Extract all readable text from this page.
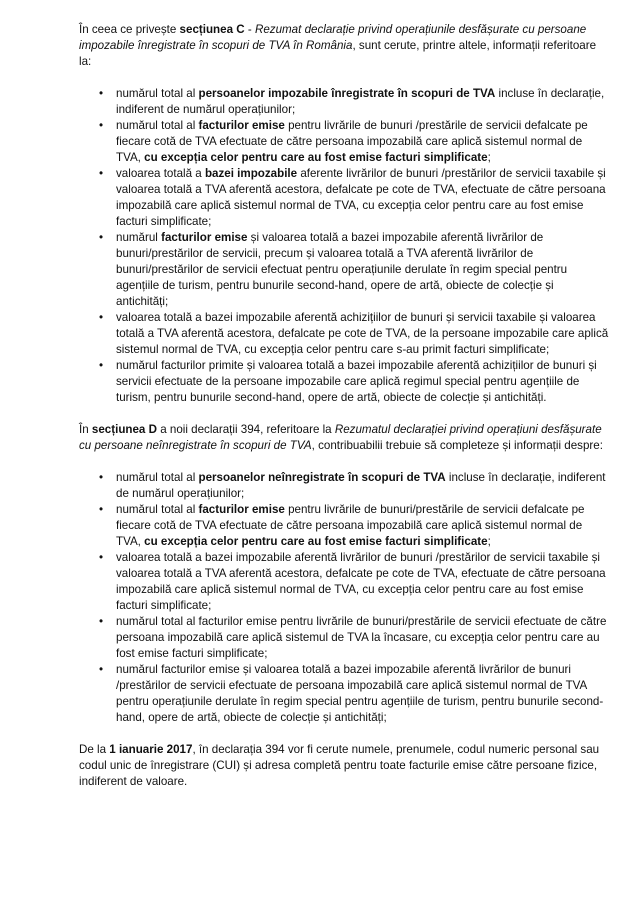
În ceea ce privește secțiunea C - Rezumat declarație privind operațiunile desfășurate cu persoane impozabile înregistrate în scopuri de TVA în România, sunt cerute, printre altele, informații referitoare la:

•	numărul total al persoanelor impozabile înregistrate în scopuri de TVA incluse în declarație, indiferent de numărul operațiunilor;
•	numărul total al facturilor emise pentru livrările de bunuri /prestările de servicii defalcate pe fiecare cotă de TVA efectuate de către persoana impozabilă care aplică sistemul normal de TVA, cu excepția celor pentru care au fost emise facturi simplificate;
•	valoarea totală a bazei impozabile aferente livrărilor de bunuri /prestărilor de servicii taxabile și valoarea totală a TVA aferentă acestora, defalcate pe cote de TVA, efectuate de către persoana impozabilă care aplică sistemul normal de TVA, cu excepția celor pentru care au fost emise facturi simplificate;
•	numărul facturilor emise și valoarea totală a bazei impozabile aferentă livrărilor de bunuri/prestărilor de servicii, precum și valoarea totală a TVA aferentă livrărilor de bunuri/prestărilor de servicii efectuat pentru operațiunile derulate în regim special pentru agențiile de turism, pentru bunurile second-hand, opere de artă, obiecte de colecție și antichități;
•	valoarea totală a bazei impozabile aferentă achizițiilor de bunuri și servicii taxabile și valoarea totală a TVA aferentă acestora, defalcate pe cote de TVA, de la persoane impozabile care aplică sistemul normal de TVA, cu excepția celor pentru care s-au primit facturi simplificate;
•	numărul facturilor primite și valoarea totală a bazei impozabile aferentă achizițiilor de bunuri și servicii efectuate de la persoane impozabile care aplică regimul special pentru agențiile de turism, pentru bunurile second-hand, opere de artă, obiecte de colecție și antichități.

În secțiunea D a noii declarații 394, referitoare la Rezumatul declarației privind operațiuni desfășurate cu persoane neînregistrate în scopuri de TVA, contribuabilii trebuie să completeze și informații despre:

•	numărul total al persoanelor neînregistrate în scopuri de TVA incluse în declarație, indiferent de numărul operațiunilor;
•	numărul total al facturilor emise pentru livrările de bunuri/prestările de servicii defalcate pe fiecare cotă de TVA efectuate de către persoana impozabilă care aplică sistemul normal de TVA, cu excepția celor pentru care au fost emise facturi simplificate;
•	valoarea totală a bazei impozabile aferentă livrărilor de bunuri /prestărilor de servicii taxabile și valoarea totală a TVA aferentă acestora, defalcate pe cote de TVA, efectuate de către persoana impozabilă care aplică sistemul normal de TVA, cu excepția celor pentru care au fost emise facturi simplificate;
•	numărul total al facturilor emise pentru livrările de bunuri/prestările de servicii efectuate de către persoana impozabilă care aplică sistemul de TVA la încasare, cu excepția celor pentru care au fost emise facturi simplificate;
•	numărul facturilor emise și valoarea totală a bazei impozabile aferentă livrărilor de bunuri /prestărilor de servicii efectuate de persoana impozabilă care aplică sistemul normal de TVA pentru operațiunile derulate în regim special pentru agențiile de turism, pentru bunurile second-hand, opere de artă, obiecte de colecție și antichități;

De la 1 ianuarie 2017, în declarația 394 vor fi cerute numele, prenumele, codul numeric personal sau codul unic de înregistrare (CUI) și adresa completă pentru toate facturile emise către persoane fizice, indiferent de valoare.
